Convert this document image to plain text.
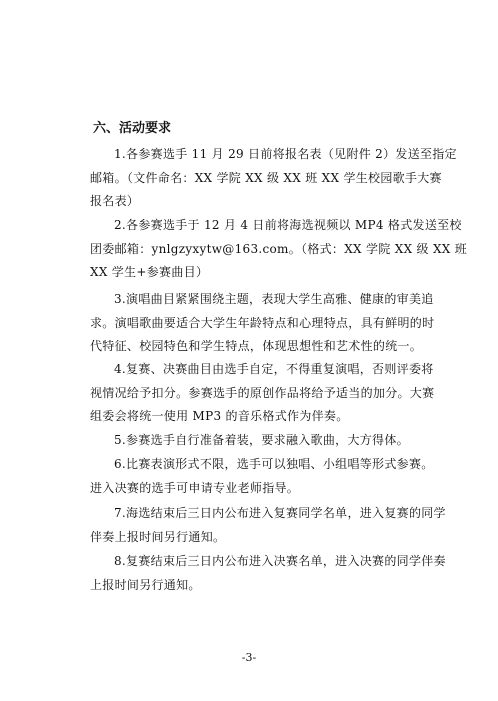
六、活动要求
1.各参赛选手 11 月 29 日前将报名表（见附件 2）发送至指定
邮箱。（文件命名：XX 学院 XX 级 XX 班 XX 学生校园歌手大赛
报名表）
2.各参赛选手于 12 月 4 日前将海选视频以 MP4 格式发送至校
团委邮箱：ynlgzyxytw@163.com。（格式：XX 学院 XX 级 XX 班
XX 学生+参赛曲目）
3.演唱曲目紧紧围绕主题，表现大学生高雅、健康的审美追
求。演唱歌曲要适合大学生年龄特点和心理特点，具有鲜明的时
代特征、校园特色和学生特点，体现思想性和艺术性的统一。
4.复赛、决赛曲目由选手自定，不得重复演唱，否则评委将
视情况给予扣分。参赛选手的原创作品将给予适当的加分。大赛
组委会将统一使用 MP3 的音乐格式作为伴奏。
5.参赛选手自行准备着装，要求融入歌曲，大方得体。
6.比赛表演形式不限，选手可以独唱、小组唱等形式参赛。
进入决赛的选手可申请专业老师指导。
7.海选结束后三日内公布进入复赛同学名单，进入复赛的同学
伴奏上报时间另行通知。
8.复赛结束后三日内公布进入决赛名单，进入决赛的同学伴奏
上报时间另行通知。
-3-
